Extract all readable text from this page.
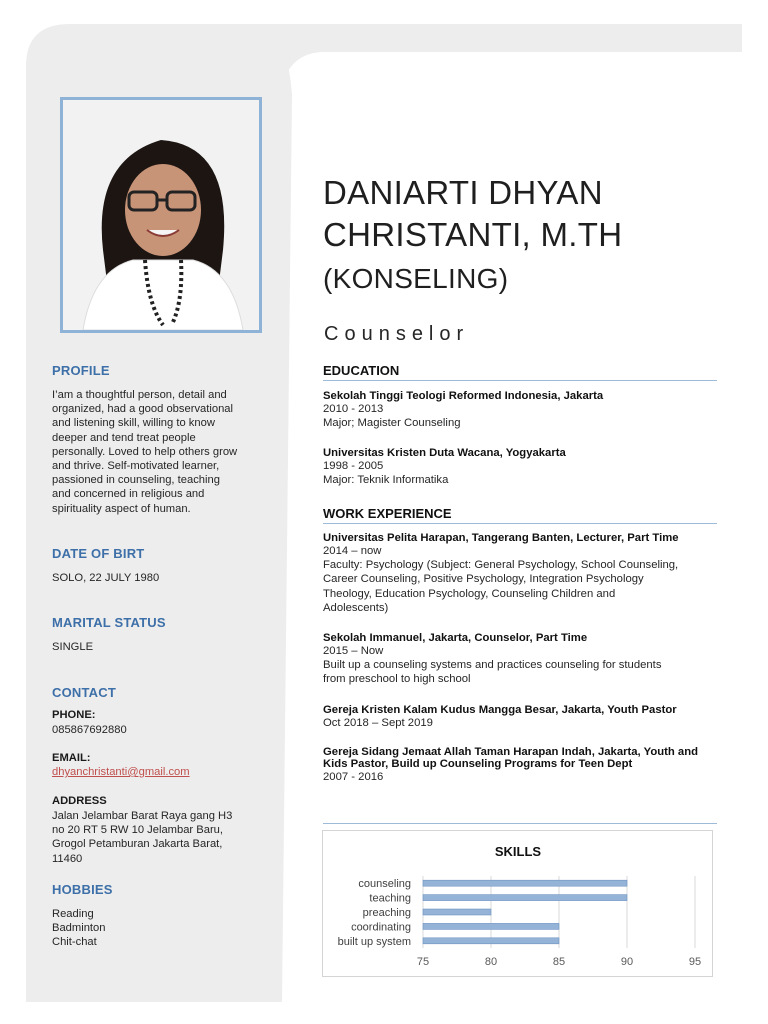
PROFILE
I’am a thoughtful person, detail and
organized, had a good observational
and listening skill, willing to know
deeper and tend treat people
personally. Loved to help others grow
and thrive. Self-motivated learner,
passioned in counseling, teaching
and concerned in religious and
spirituality aspect of human.
DATE OF BIRT
SOLO, 22 JULY 1980
MARITAL STATUS
SINGLE
CONTACT
PHONE:
085867692880
EMAIL:
dhyanchristanti@gmail.com
ADDRESS
Jalan Jelambar Barat Raya gang H3
no 20 RT 5 RW 10 Jelambar Baru,
Grogol Petamburan Jakarta Barat,
11460
HOBBIES
Reading
Badminton
Chit-chat
DANIARTI DHYAN
CHRISTANTI, M.TH
(KONSELING)
Counselor
EDUCATION
Sekolah Tinggi Teologi Reformed Indonesia, Jakarta
2010 - 2013
Major; Magister Counseling
Universitas Kristen Duta Wacana, Yogyakarta
1998 - 2005
Major: Teknik Informatika
WORK EXPERIENCE
Universitas Pelita Harapan, Tangerang Banten, Lecturer, Part Time
2014 – now
Faculty: Psychology (Subject: General Psychology, School Counseling,
Career Counseling, Positive Psychology, Integration Psychology
Theology, Education Psychology, Counseling Children and
Adolescents)
Sekolah Immanuel, Jakarta, Counselor, Part Time
2015 – Now
Built up a counseling systems and practices counseling for students
from preschool to high school
Gereja Kristen Kalam Kudus Mangga Besar, Jakarta, Youth Pastor
Oct 2018 – Sept 2019
Gereja Sidang Jemaat Allah Taman Harapan Indah, Jakarta, Youth and
Kids Pastor, Build up Counseling Programs for Teen Dept
2007 - 2016
SKILLS
75	80	85	90	95
counseling
teaching
preaching
coordinating
built up system
